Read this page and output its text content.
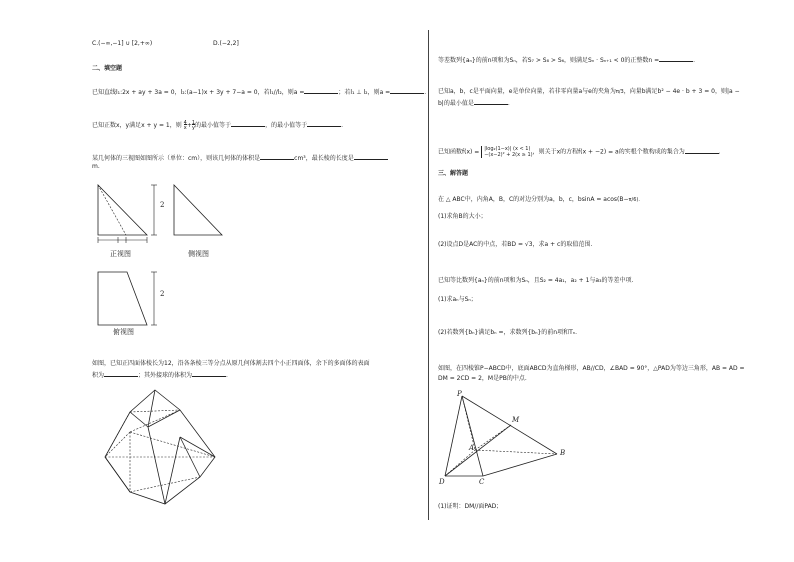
C.(−∞,−1] ∪ [2,+∞)	D.(−2,2]
二、填空题
已知直线l₁:2x + ay + 3a = 0，l₂:(a−1)x + 3y + 7−a = 0，若l₁//l₂，则a =	；若l₁ ⊥ l₂，则a =	.
已知正数x，y满足x + y = 1，则 4
x+1
y的最小值等于	，的最小值等于	.
某几何体的三视图如图所示（单位：cm），则该几何体的体积是	cm³，最长棱的长度是
m.
2
2
正视图	侧视图
俯视图
如图，已知正四面体棱长为12，沿各条棱三等分点从原几何体割去四个小正四面体，余下的多面体的表面
积为	；其外接球的体积为	.
等差数列{aₙ}的前n项和为Sₙ，若S₇ > S₈ > S₆，则满足Sₙ · Sₙ₊₁ < 0的正整数n =	.
已知a，b，c是平面向量，e是单位向量，若非零向量a与e的夹角为π/3，向量b满足b² − 4e · b + 3 = 0，则|a −
b|的最小值是	.
已知函数f(x) = |log₂(1−x)| (x < 1)
−(x−2)² + 2(x ≥ 1)，则关于x的方程f(x + −2) = a的实根个数构成的集合为	.
三、解答题
在 △ ABC中，内角A，B，C的对边分别为a，b，c，bsinA = acos(B−π/6).
(1)求角B的大小；
(2)设点D是AC的中点，若BD = √3，求a + c的取值范围.
已知等比数列{aₙ}的前n项和为Sₙ，且S₂ = 4a₁，a₂ + 1与a₃的等差中项.
(1)求aₙ与Sₙ；
(2)若数列{bₙ}满足bₙ =，求数列{bₙ}的前n项和Tₙ.
如图，在四棱锥P−ABCD中，底面ABCD为直角梯形，AB//CD，∠BAD = 90°，△PAD为等边三角形，AB = AD =
DM = 2CD = 2，M是PB的中点.
P
M
A
B
D	C
(1)证明：DM//面PAD；
